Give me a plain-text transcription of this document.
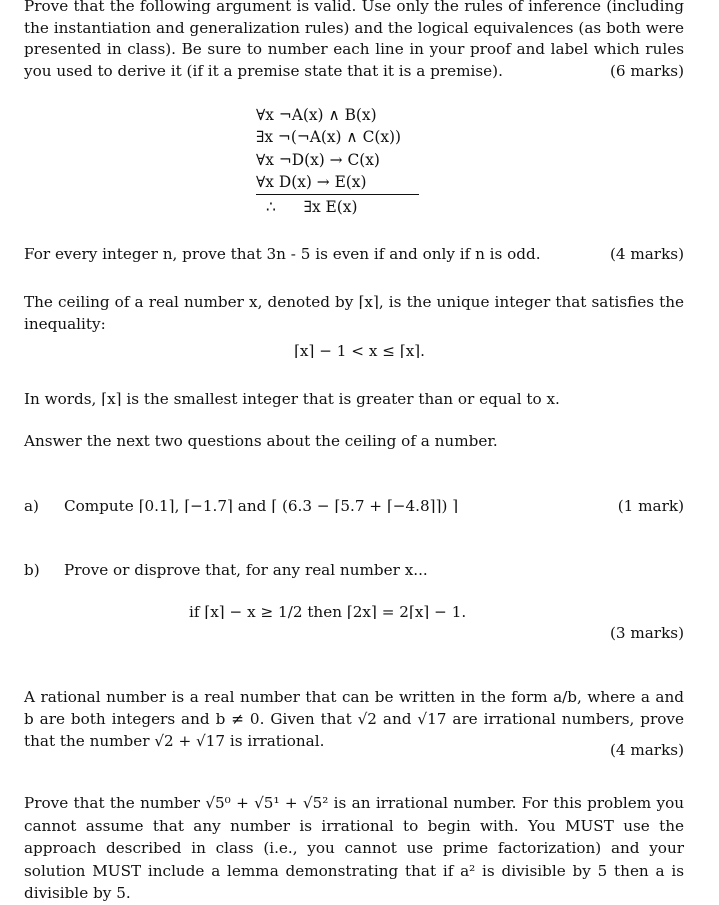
Prove that the following argument is valid. Use only the rules of inference (including the instantiation and generalization rules) and the logical equivalences (as both were presented in class). Be sure to number each line in your proof and label which rules you used to derive it (if it a premise state that it is a premise).	(6 marks)
∀x ¬A(x) ∧ B(x)
∃x ¬(¬A(x) ∧ C(x))
∀x ¬D(x) → C(x)
∀x D(x) → E(x)
∴ ∃x E(x)
For every integer n, prove that 3n - 5 is even if and only if n is odd.	(4 marks)

The ceiling of a real number x, denoted by ⌈x⌉, is the unique integer that satisfies the inequality:

⌈x⌉ − 1 < x ≤ ⌈x⌉.
In words, ⌈x⌉ is the smallest integer that is greater than or equal to x.
Answer the next two questions about the ceiling of a number.
a) Compute ⌈0.1⌉, ⌈−1.7⌉ and ⌈ (6.3 − ⌈5.7 + ⌈−4.8⌉⌉) ⌉	(1 mark)
b) Prove or disprove that, for any real number x...
if ⌈x⌉ − x ≥ 1/2 then ⌈2x⌉ = 2⌈x⌉ − 1.
(3 marks)

A rational number is a real number that can be written in the form a/b, where a and b are both integers and b ≠ 0. Given that √2 and √17 are irrational numbers, prove that the number √2 + √17 is irrational.	(4 marks)

Prove that the number √5⁰ + √5¹ + √5² is an irrational number. For this problem you cannot assume that any number is irrational to begin with. You MUST use the approach described in class (i.e., you cannot use prime factorization) and your solution MUST include a lemma demonstrating that if a² is divisible by 5 then a is divisible by 5.
